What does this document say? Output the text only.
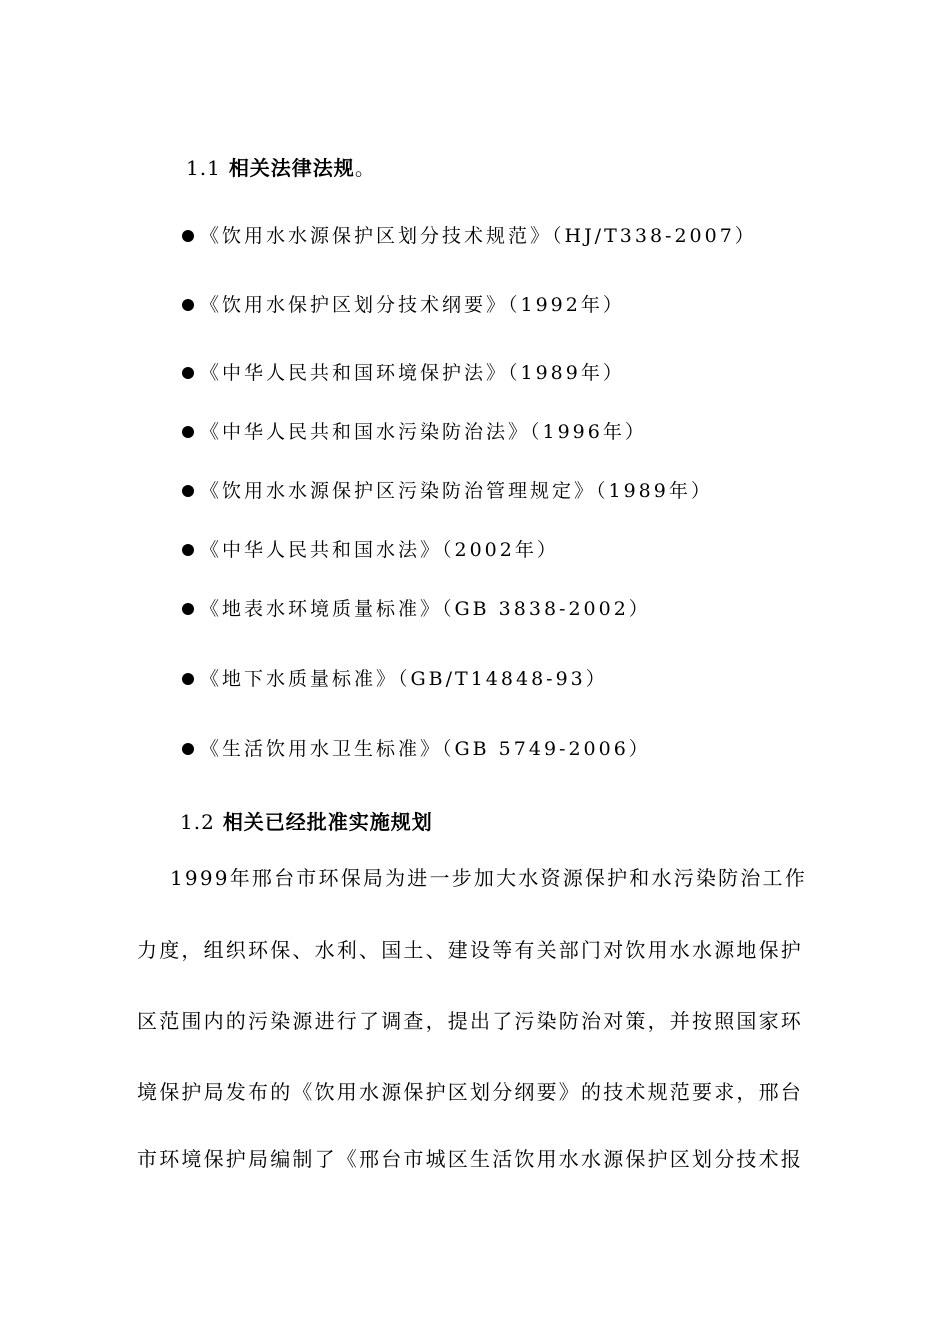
1.1 相关法律法规。
《饮用水水源保护区划分技术规范》（HJ/T338-2007）
《饮用水保护区划分技术纲要》（1992年）
《中华人民共和国环境保护法》（1989年）
《中华人民共和国水污染防治法》（1996年）
《饮用水水源保护区污染防治管理规定》（1989年）
《中华人民共和国水法》（2002年）
《地表水环境质量标准》（GB 3838-2002）
《地下水质量标准》（GB/T14848-93）
《生活饮用水卫生标准》（GB 5749-2006）
1.2 相关已经批准实施规划
1999年邢台市环保局为进一步加大水资源保护和水污染防治工作
力度，组织环保、水利、国土、建设等有关部门对饮用水水源地保护
区范围内的污染源进行了调查，提出了污染防治对策，并按照国家环
境保护局发布的《饮用水源保护区划分纲要》的技术规范要求，邢台
市环境保护局编制了《邢台市城区生活饮用水水源保护区划分技术报
